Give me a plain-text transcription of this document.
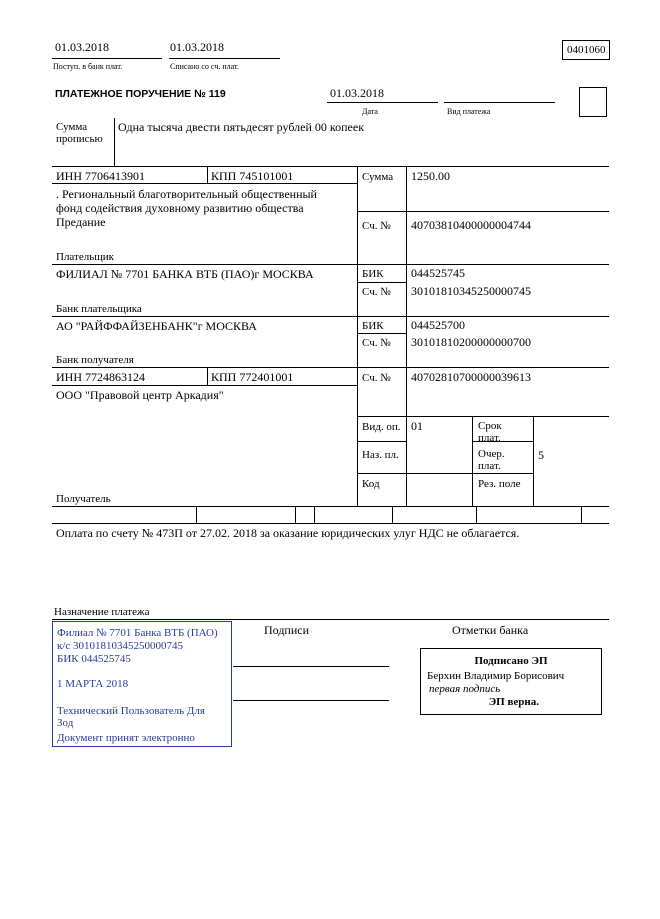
01.03.2018
Поступ. в банк плат.
01.03.2018
Списано со сч. плат.
0401060
ПЛАТЕЖНОЕ ПОРУЧЕНИЕ № 119	01.03.2018
Дата	Вид платежа
Сумма
прописью
Одна тысяча двести пятьдесят рублей 00 копеек
ИНН 7706413901	КПП 745101001
. Региональный благотворительный общественный
фонд содействия духовному развитию общества
Предание
Плательщик
Сумма 1250.00
Сч. № 40703810400000004744
ФИЛИАЛ № 7701 БАНКА ВТБ (ПАО)г МОСКВА
Банк плательщика
БИК 044525745
Сч. № 30101810345250000745
АО "РАЙФФАЙЗЕНБАНК"г МОСКВА
Банк получателя
БИК 044525700
Сч. № 30101810200000000700
ИНН 7724863124	КПП 772401001	Сч. № 40702810700000039613
ООО "Правовой центр Аркадия"
Получатель
Вид. оп. 01	Срок
плат.
Наз. пл.	Очер.
плат.
5
Код	Рез. поле
Оплата по счету № 473П от 27.02. 2018 за оказание юридических улуг НДС не облагается.
Назначение платежа
Подписи	Отметки банка
Филиал № 7701 Банка ВТБ (ПАО)
к/с 30101810345250000745
БИК 044525745
1 МАРТА 2018
Технический Пользователь Для
Зод
Документ принят электронно
Подписано ЭП
Берхин Владимир Борисович
первая подпись
ЭП верна.
